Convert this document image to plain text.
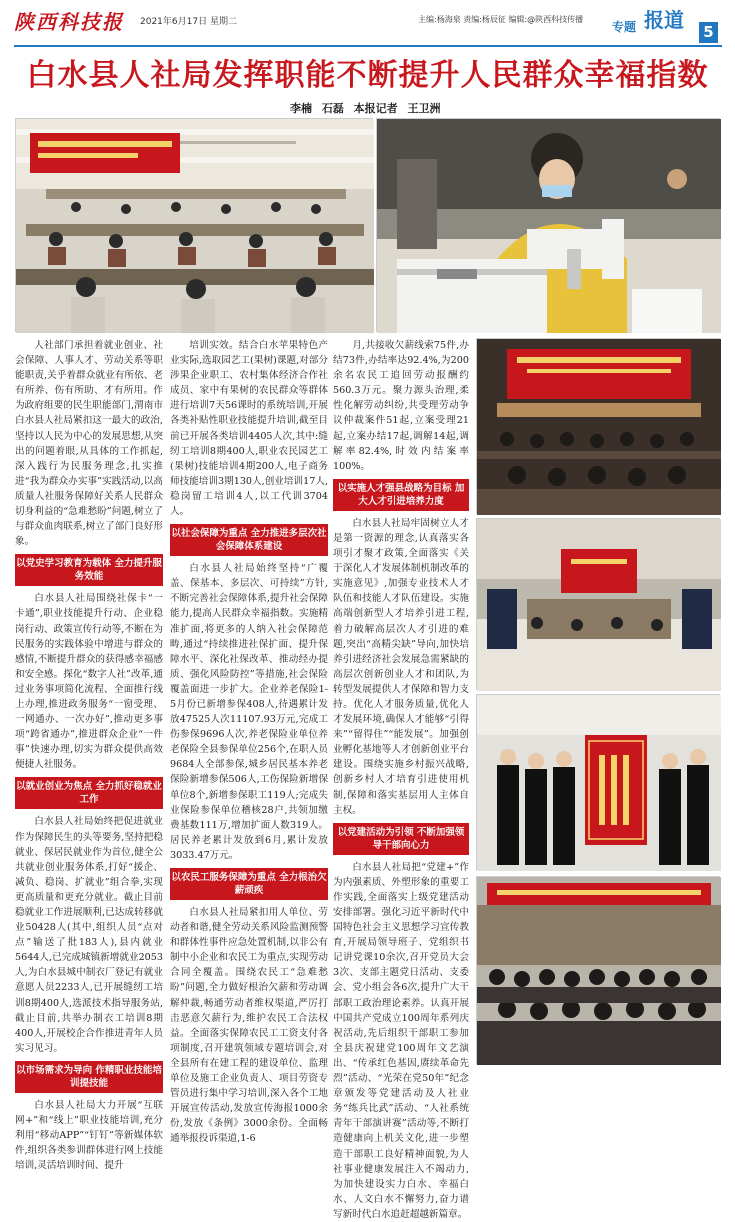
陕西科技报 2021年6月17日 星期二	主编:杨海泉 责编:杨辰征 编辑:@陕西科技传播
专题 报道 5
白水县人社局发挥职能不断提升人民群众幸福指数
李楠 石磊 本报记者 王卫洲

人社部门承担着就业创业、社会保障、人事人才、劳动关系等职能职责,关乎着群众就业有所依、老有所养、伤有所助、才有所用。作为政府组要的民生职能部门,渭南市白水县人社局紧扣这一最大的政治,坚持以人民为中心的发展思想,从突出的问题着眼,从具体的工作抓起,深入践行为民服务理念,扎实推进“我为群众办实事”实践活动,以高质量人社服务保障好关系人民群众切身利益的“急难愁盼”问题,树立了与群众血肉联系,树立了部门良好形象。

以党史学习教育为载体 全力提升服务效能

白水县人社局围绕社保卡“一卡通”,职业技能提升行动、企业稳岗行动、政策宣传行动等,不断在为民服务的实践体验中增进与群众的感情,不断提升群众的获得感幸福感和安全感。探化“数字人社”改革,通过业务事项简化流程、全面推行线上办理,推进政务服务“一窗受理、一网通办、一次办好”,推动更多事项“跨省通办”,推进群众企业“一件事”快速办理,切实为群众提供高效便捷人社服务。

以就业创业为焦点 全力抓好稳就业工作

白水县人社局始终把促进就业作为保障民生的头等要务,坚持把稳就业、保居民就业作为首位,健全公共就业创业服务体系,打好“援企、减负、稳岗、扩就业”组合拳,实现更高质量和更充分就业。截止目前稳就业工作进展顺利,已达成转移就业50428人(其中,组织人员“点对点”输送了批183人),县内就业5644人,已完成城镇新增就业2053人,为白水县城中制衣厂登记有就业意愿人员2233人,已开展缝纫工培训8期400人,选派技术指导服务站,截止目前,共举办制衣工培训8期400人,开展校企合作推进青年人员实习见习。

以市场需求为导向 作精职业技能培训提技能

白水县人社局大力开展“互联网+”和“线上”职业技能培训,充分利用“移动APP”“钉钉”等新媒体软件,组织各类参训群体进行网上技能培训,灵活培训时间、提升

培训实效。结合白水苹果特色产业实际,选取园艺工(果树)课题,对部分涉果企业职工、农村集体经济合作社成员、家中有果树的农民群众等群体进行培训7天56课时的系统培训,开展各类补贴性职业技能提升培训,截至目前已开展各类培训4405人次,其中:缝纫工培训8期400人,职业农民园艺工(果树)技能培训4期200人,电子商务师技能培训3期130人,创业培训17人,稳岗留工培训4人,以工代训3704人。

以社会保障为重点 全力推进多层次社会保障体系建设

白水县人社局始终坚持“广覆盖、保基本、多层次、可持续”方针,不断完善社会保障体系,提升社会保障能力,提高人民群众幸福指数。实施精准扩面,将更多的人纳入社会保障范畴,通过“持续推进社保扩面、提升保障水平、深化社保改革、推动经办提质、强化风险防控”等措施,社会保险覆盖面进一步扩大。企业养老保险1-5月份已新增参保408人,待遇累计发放47525人次11107.93万元,完成工伤参保9696人次,养老保险业单位养老保险全县参保单位256个,在职人员9684人全部参保,城乡居民基本养老保险新增参保506人,工伤保险新增保单位8个,新增参保职工119人;完成失业保险参保单位稽核28户,共领加缴费基数111万,增加扩面人数319人。居民养老累计发放到6月,累计发放3033.47万元。

以农民工服务保障为重点 全力根治欠薪顽疾

白水县人社局紧扣用人单位、劳动者和谐,健全劳动关系风险监测预警和群体性事件应急处置机制,以非公有制中小企业和农民工为重点,实现劳动合同全覆盖。围绕农民工“急难愁盼”问题,全力做好根治欠薪和劳动调解仲裁,畅通劳动者维权渠道,严厉打击恶意欠薪行为,维护农民工合法权益。全面落实保障农民工工资支付各项制度,召开建筑领域专题培训会,对全县所有在建工程的建设单位、监理单位及施工企业负责人、项目劳资专管员进行集中学习培训,深入各个工地开展宣传活动,发放宣传海报1000余份,发放《条例》3000余份。全面畅通举报投诉渠道,1-6

月,共接收欠薪线索75件,办结73件,办结率达92.4%,为200余名农民工追回劳动报酬约560.3万元。聚力源头治理,柔性化解劳动纠纷,共受理劳动争议仲裁案件51起,立案受理21起,立案办结17起,调解14起,调解率82.4%,时效内结案率100%。

以实施人才强县战略为目标 加大人才引进培养力度

白水县人社局牢固树立人才是第一资源的理念,认真落实各项引才聚才政策,全面落实《关于深化人才发展体制机制改革的实施意见》,加强专业技术人才队伍和技能人才队伍建设。实施高端创新型人才培养引进工程,着力破解高层次人才引进的难题,突出“高精尖缺”导向,加快培养引进经济社会发展急需紧缺的高层次创新创业人才和团队,为转型发展提供人才保障和智力支持。优化人才服务质量,优化人才发展环境,确保人才能够“引得来”“留得住”“能发展”。加强创业孵化基地等人才创新创业平台建设。围绕实施乡村振兴战略,创新乡村人才培育引进使用机制,保障和落实基层用人主体自主权。

以党建活动为引领 不断加强领导干部向心力

白水县人社局把“党建+”作为内强素质、外塑形象的重要工作实践,全面落实上级党建活动安排部署。强化习近平新时代中国特色社会主义思想学习宣传教育,开展局领导班子、党组织书记讲党课10余次,召开党员大会3次、支部主题党日活动、支委会、党小组会各6次,提升广大干部职工政治理论素养。认真开展中国共产党成立100周年系列庆祝活动,先后组织干部职工参加全县庆祝建党100周年文艺演出、“传承红色基因,赓续革命先烈”活动、“光荣在党50年”纪念章颁发等党建活动及人社业务“练兵比武”活动、“人社系统青年干部演讲赛”活动等,不断打造健康向上机关文化,进一步塑造干部职工良好精神面貌,为人社事业健康发展注入不竭动力,为加快建设实力白水、幸福白水、人文白水不懈努力,奋力谱写新时代白水追赶超越新篇章。
